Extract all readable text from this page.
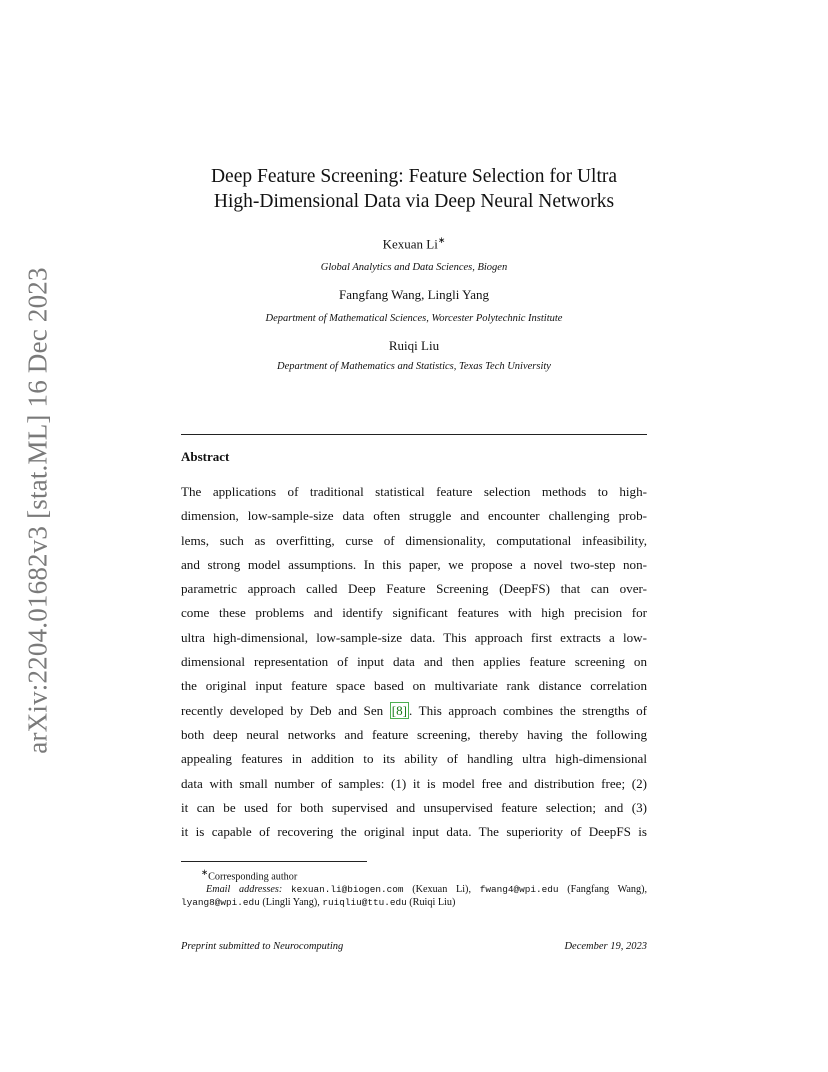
arXiv:2204.01682v3 [stat.ML] 16 Dec 2023
Deep Feature Screening: Feature Selection for Ultra
High-Dimensional Data via Deep Neural Networks
Kexuan Li∗
Global Analytics and Data Sciences, Biogen
Fangfang Wang, Lingli Yang
Department of Mathematical Sciences, Worcester Polytechnic Institute
Ruiqi Liu
Department of Mathematics and Statistics, Texas Tech University
Abstract
The applications of traditional statistical feature selection methods to high-
dimension, low-sample-size data often struggle and encounter challenging prob-
lems, such as overfitting, curse of dimensionality, computational infeasibility,
and strong model assumptions. In this paper, we propose a novel two-step non-
parametric approach called Deep Feature Screening (DeepFS) that can over-
come these problems and identify significant features with high precision for
ultra high-dimensional, low-sample-size data. This approach first extracts a low-
dimensional representation of input data and then applies feature screening on
the original input feature space based on multivariate rank distance correlation
recently developed by Deb and Sen [8] . This approach combines the strengths of
both deep neural networks and feature screening, thereby having the following
appealing features in addition to its ability of handling ultra high-dimensional
data with small number of samples: (1) it is model free and distribution free; (2)
it can be used for both supervised and unsupervised feature selection; and (3)
it is capable of recovering the original input data. The superiority of DeepFS is
∗Corresponding author
Email addresses: kexuan.li@biogen.com (Kexuan Li), fwang4@wpi.edu (Fangfang Wang), lyang8@wpi.edu (Lingli Yang), ruiqliu@ttu.edu (Ruiqi Liu)
Preprint submitted to Neurocomputing	December 19, 2023
